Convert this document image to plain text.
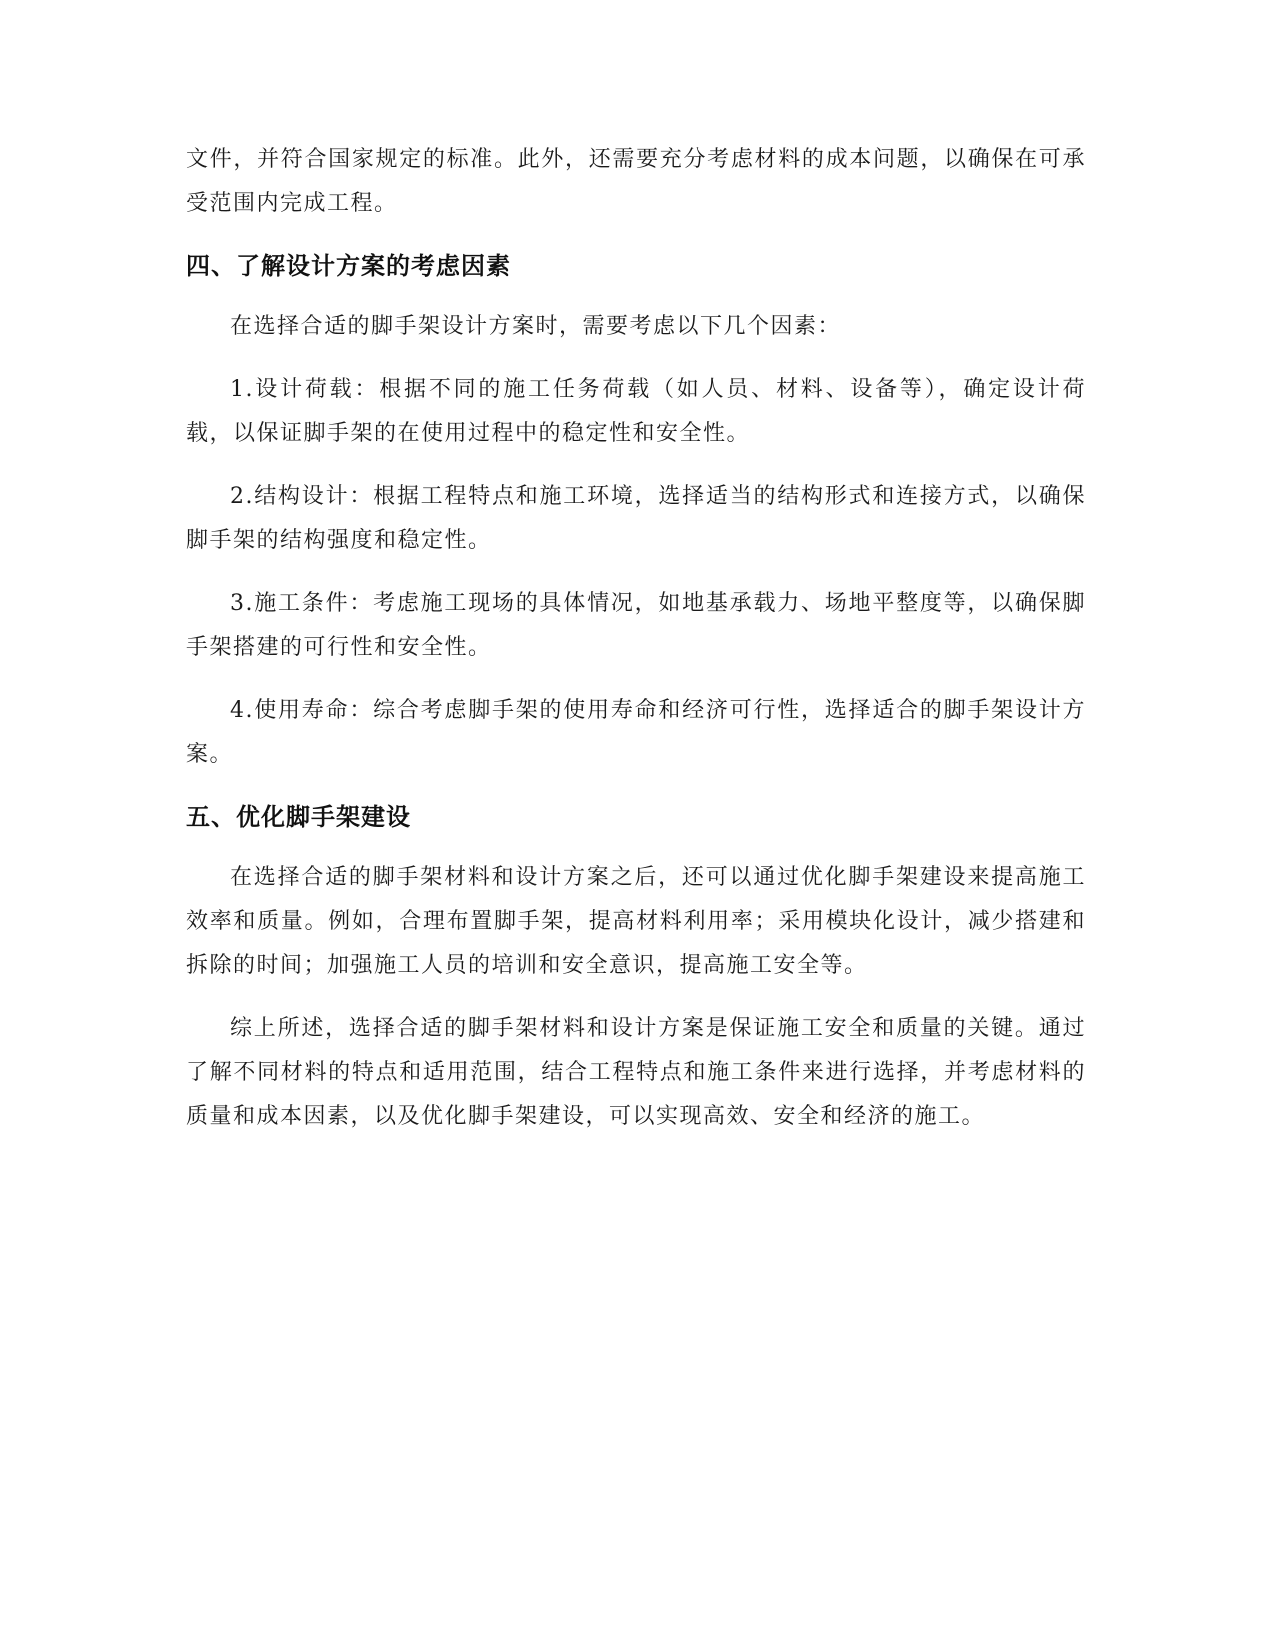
文件，并符合国家规定的标准。此外，还需要充分考虑材料的成本问题，以确保在可承受范围内完成工程。

四、了解设计方案的考虑因素

在选择合适的脚手架设计方案时，需要考虑以下几个因素：

1.设计荷载：根据不同的施工任务荷载（如人员、材料、设备等），确定设计荷载，以保证脚手架的在使用过程中的稳定性和安全性。

2.结构设计：根据工程特点和施工环境，选择适当的结构形式和连接方式，以确保脚手架的结构强度和稳定性。

3.施工条件：考虑施工现场的具体情况，如地基承载力、场地平整度等，以确保脚手架搭建的可行性和安全性。

4.使用寿命：综合考虑脚手架的使用寿命和经济可行性，选择适合的脚手架设计方案。

五、优化脚手架建设

在选择合适的脚手架材料和设计方案之后，还可以通过优化脚手架建设来提高施工效率和质量。例如，合理布置脚手架，提高材料利用率；采用模块化设计，减少搭建和拆除的时间；加强施工人员的培训和安全意识，提高施工安全等。

综上所述，选择合适的脚手架材料和设计方案是保证施工安全和质量的关键。通过了解不同材料的特点和适用范围，结合工程特点和施工条件来进行选择，并考虑材料的质量和成本因素，以及优化脚手架建设，可以实现高效、安全和经济的施工。
